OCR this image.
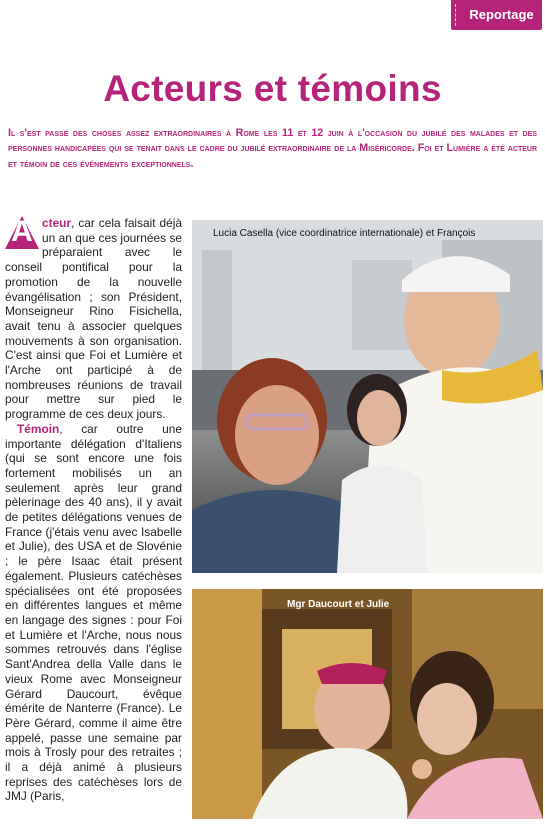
Reportage
Acteurs et témoins
Il s'est passé des choses assez extraordinaires à Rome les 11 et 12 juin à l'occasion du jubilé des malades et des personnes handicapées qui se tenait dans le cadre du jubilé extraordinaire de la Miséricorde. Foi et Lumière a été acteur et témoin de ces événements exceptionnels.

A cteur, car cela faisait déjà un an que ces journées se préparaient avec le conseil pontifical pour la promotion de la nouvelle évangélisation ; son Président, Monseigneur Rino Fisichella, avait tenu à associer quelques mouvements à son organisation. C'est ainsi que Foi et Lumière et l'Arche ont participé à de nombreuses réunions de travail pour mettre sur pied le programme de ces deux jours.

Témoin, car outre une importante délégation d'Italiens (qui se sont encore une fois fortement mobilisés un an seulement après leur grand pèlerinage des 40 ans), il y avait de petites délégations venues de France (j'étais venu avec Isabelle et Julie), des USA et de Slovénie ; le père Isaac était présent également. Plusieurs catéchèses spécialisées ont été proposées en différentes langues et même en langage des signes : pour Foi et Lumière et l'Arche, nous nous sommes retrouvés dans l'église Sant'Andrea della Valle dans le vieux Rome avec Monseigneur Gérard Daucourt, évêque émérite de Nanterre (France). Le Père Gérard, comme il aime être appelé, passe une semaine par mois à Trosly pour des retraites ; il a déjà animé à plusieurs reprises des catéchèses lors de JMJ (Paris,

Lucia Casella (vice coordinatrice internationale) et François
Mgr Daucourt et Julie
